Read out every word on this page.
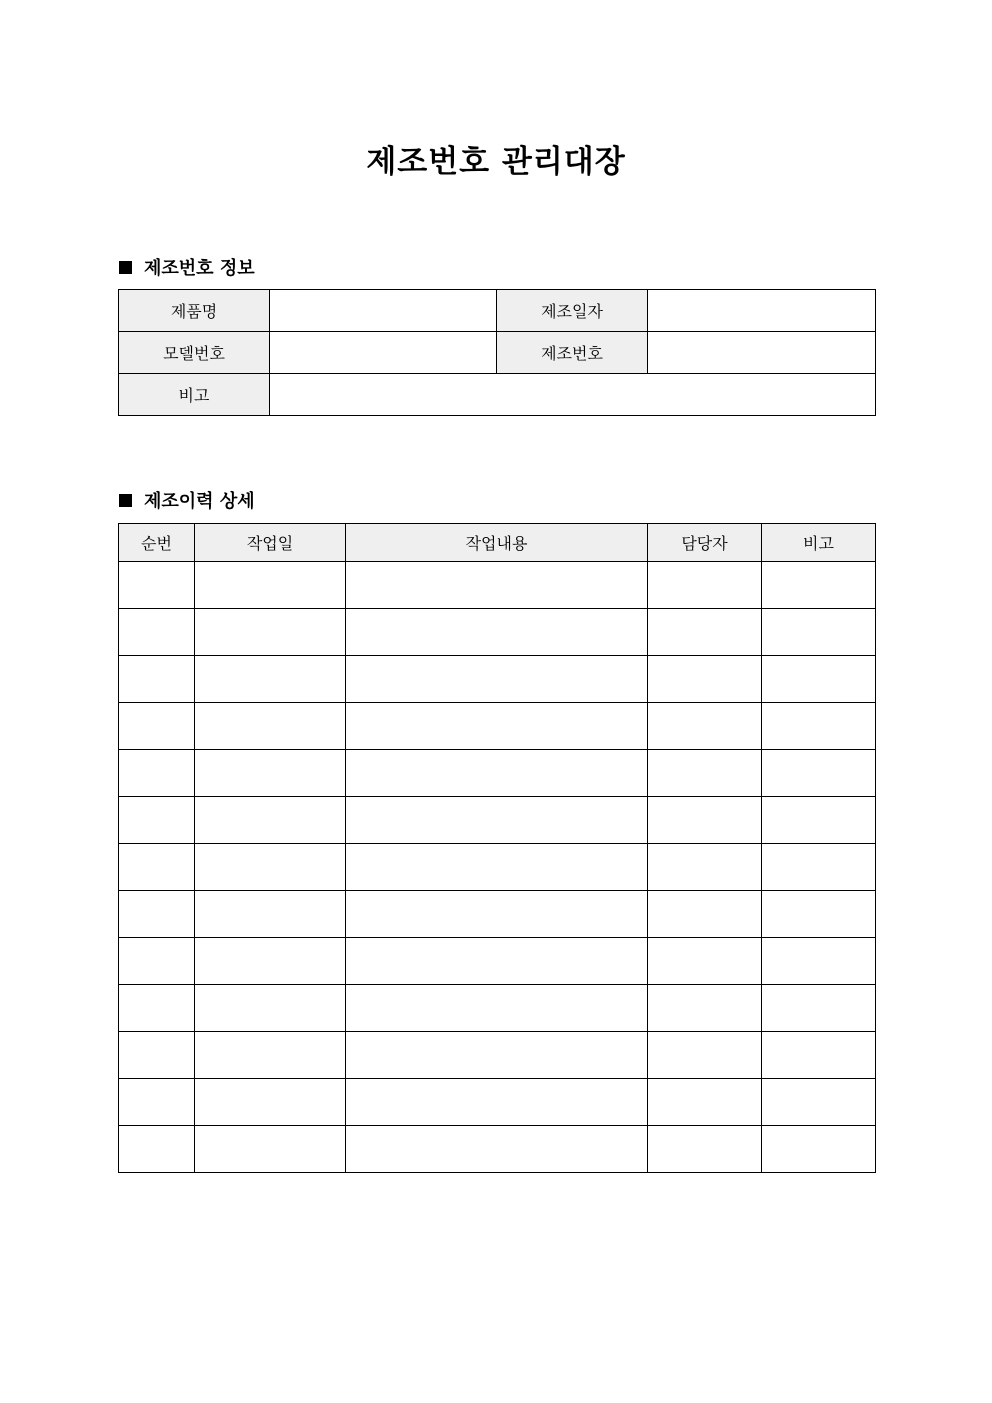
제조번호 관리대장
제조번호 정보
제품명		제조일자	
모델번호		제조번호	
비고			
제조이력 상세
순번	작업일	작업내용	담당자	비고
